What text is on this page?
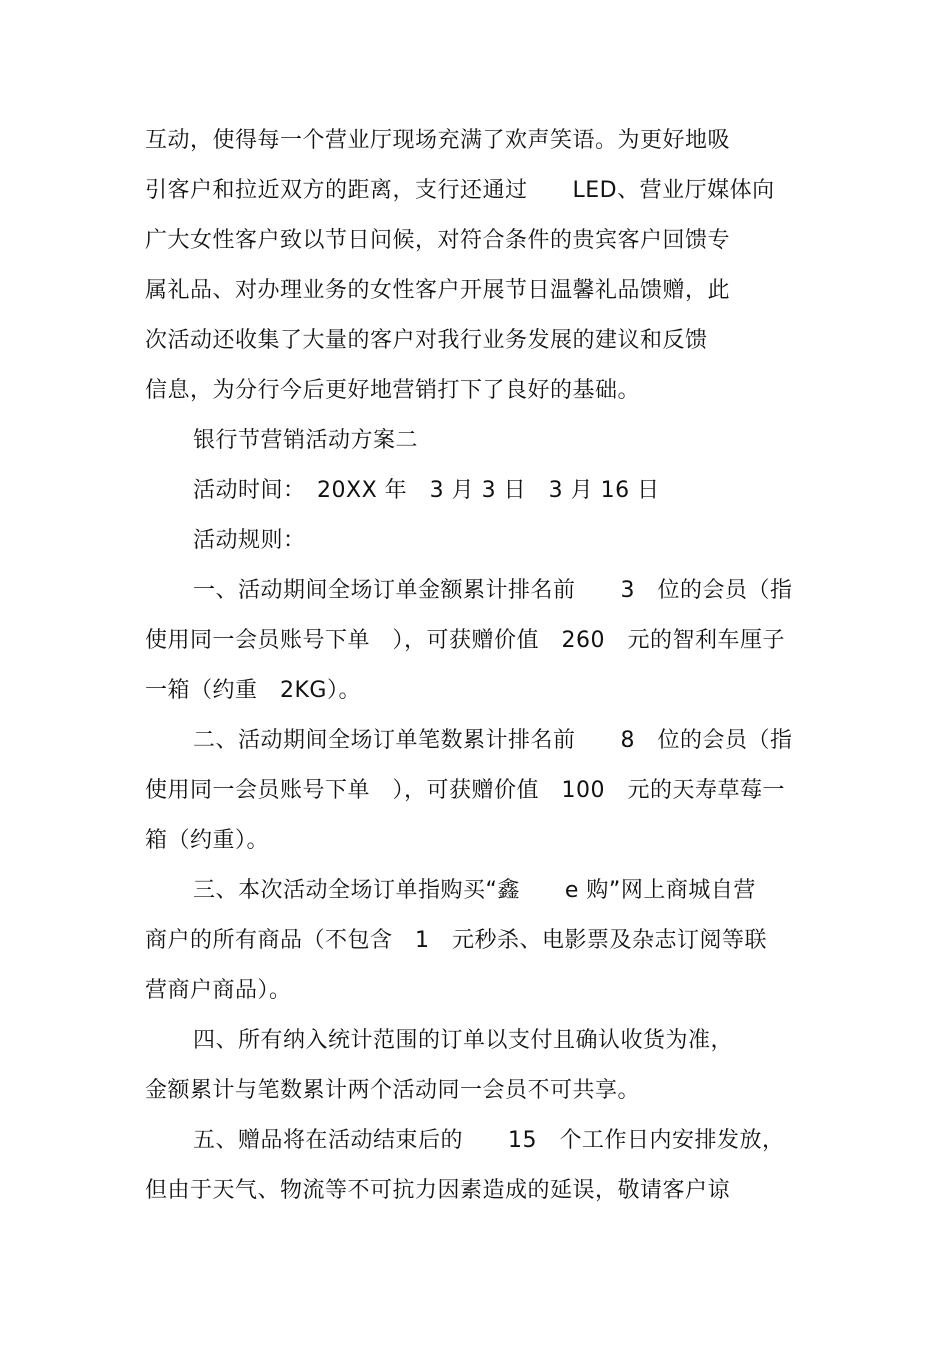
互动，使得每一个营业厅现场充满了欢声笑语。为更好地吸
引客户和拉近双方的距离，支行还通过　　LED、营业厅媒体向
广大女性客户致以节日问候，对符合条件的贵宾客户回馈专
属礼品、对办理业务的女性客户开展节日温馨礼品馈赠，此
次活动还收集了大量的客户对我行业务发展的建议和反馈
信息，为分行今后更好地营销打下了良好的基础。
银行节营销活动方案二
活动时间：　20XX 年　3 月 3 日　3 月 16 日
活动规则：
一、活动期间全场订单金额累计排名前　　3　位的会员（指
使用同一会员账号下单　），可获赠价值　260　元的智利车厘子
一箱（约重　2KG）。
二、活动期间全场订单笔数累计排名前　　8　位的会员（指
使用同一会员账号下单　），可获赠价值　100　元的天寿草莓一
箱（约重）。
三、本次活动全场订单指购买“鑫　　e 购”网上商城自营
商户的所有商品（不包含　1　元秒杀、电影票及杂志订阅等联
营商户商品）。
四、所有纳入统计范围的订单以支付且确认收货为准，
金额累计与笔数累计两个活动同一会员不可共享。
五、赠品将在活动结束后的　　15　个工作日内安排发放，
但由于天气、物流等不可抗力因素造成的延误，敬请客户谅
